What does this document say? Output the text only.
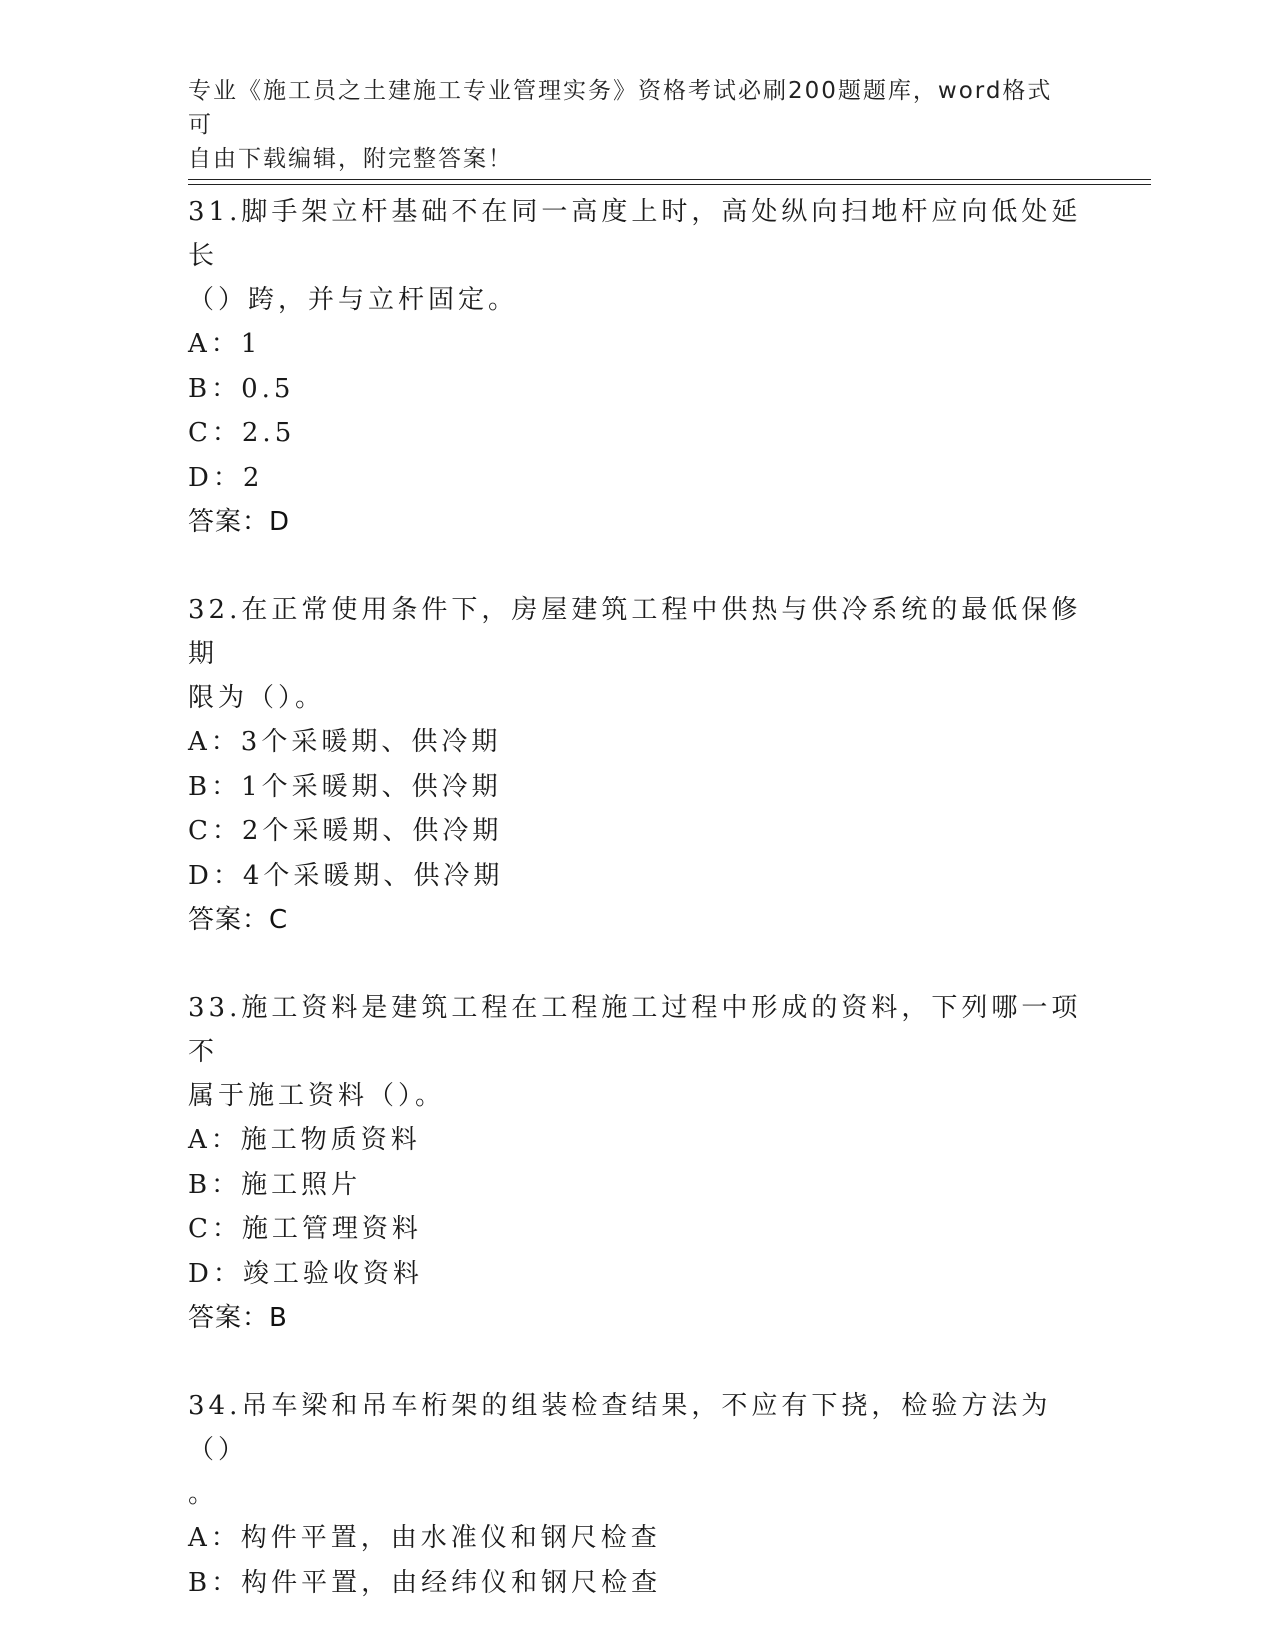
专业《施工员之土建施工专业管理实务》资格考试必刷200题题库，word格式可
自由下载编辑，附完整答案！
31.脚手架立杆基础不在同一高度上时，高处纵向扫地杆应向低处延长
（）跨，并与立杆固定。
A：1
B：0.5
C：2.5
D：2
答案：D
32.在正常使用条件下，房屋建筑工程中供热与供冷系统的最低保修期
限为（）。
A：3个采暖期、供冷期
B：1个采暖期、供冷期
C：2个采暖期、供冷期
D：4个采暖期、供冷期
答案：C
33.施工资料是建筑工程在工程施工过程中形成的资料，下列哪一项不
属于施工资料（）。
A：施工物质资料
B：施工照片
C：施工管理资料
D：竣工验收资料
答案：B
34.吊车梁和吊车桁架的组装检查结果，不应有下挠，检验方法为（）
。
A：构件平置，由水准仪和钢尺检查
B：构件平置，由经纬仪和钢尺检查
